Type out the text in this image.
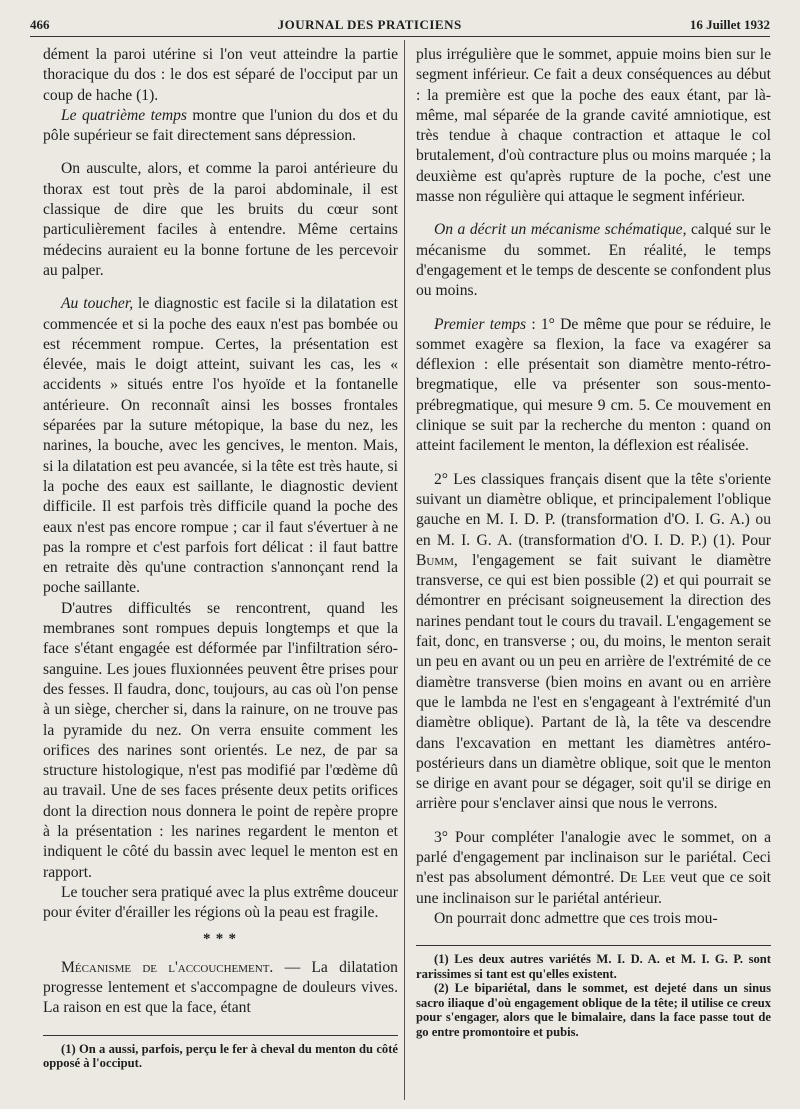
466	JOURNAL DES PRATICIENS	16 Juillet 1932

dément la paroi utérine si l'on veut atteindre la partie thoracique du dos : le dos est séparé de l'occiput par un coup de hache (1).

Le quatrième temps montre que l'union du dos et du pôle supérieur se fait directement sans dépression.

On ausculte, alors, et comme la paroi antérieure du thorax est tout près de la paroi abdominale, il est classique de dire que les bruits du cœur sont particulièrement faciles à entendre. Même certains médecins auraient eu la bonne fortune de les percevoir au palper.

Au toucher, le diagnostic est facile si la dilatation est commencée et si la poche des eaux n'est pas bombée ou est récemment rompue. Certes, la présentation est élevée, mais le doigt atteint, suivant les cas, les « accidents » situés entre l'os hyoïde et la fontanelle antérieure. On reconnaît ainsi les bosses frontales séparées par la suture métopique, la base du nez, les narines, la bouche, avec les gencives, le menton. Mais, si la dilatation est peu avancée, si la tête est très haute, si la poche des eaux est saillante, le diagnostic devient difficile. Il est parfois très difficile quand la poche des eaux n'est pas encore rompue ; car il faut s'évertuer à ne pas la rompre et c'est parfois fort délicat : il faut battre en retraite dès qu'une contraction s'annonçant rend la poche saillante.

D'autres difficultés se rencontrent, quand les membranes sont rompues depuis longtemps et que la face s'étant engagée est déformée par l'infiltration séro-sanguine. Les joues fluxionnées peuvent être prises pour des fesses. Il faudra, donc, toujours, au cas où l'on pense à un siège, chercher si, dans la rainure, on ne trouve pas la pyramide du nez. On verra ensuite comment les orifices des narines sont orientés. Le nez, de par sa structure histologique, n'est pas modifié par l'œdème dû au travail. Une de ses faces présente deux petits orifices dont la direction nous donnera le point de repère propre à la présentation : les narines regardent le menton et indiquent le côté du bassin avec lequel le menton est en rapport.

Le toucher sera pratiqué avec la plus extrême douceur pour éviter d'érailler les régions où la peau est fragile.

* * *

Mécanisme de l'accouchement. — La dilatation progresse lentement et s'accompagne de douleurs vives. La raison en est que la face, étant

(1) On a aussi, parfois, perçu le fer à cheval du menton du côté opposé à l'occiput.

plus irrégulière que le sommet, appuie moins bien sur le segment inférieur. Ce fait a deux conséquences au début : la première est que la poche des eaux étant, par là-même, mal séparée de la grande cavité amniotique, est très tendue à chaque contraction et attaque le col brutalement, d'où contracture plus ou moins marquée ; la deuxième est qu'après rupture de la poche, c'est une masse non régulière qui attaque le segment inférieur.

On a décrit un mécanisme schématique, calqué sur le mécanisme du sommet. En réalité, le temps d'engagement et le temps de descente se confondent plus ou moins.

Premier temps : 1° De même que pour se réduire, le sommet exagère sa flexion, la face va exagérer sa déflexion : elle présentait son diamètre mento-rétro-bregmatique, elle va présenter son sous-mento-prébregmatique, qui mesure 9 cm. 5. Ce mouvement en clinique se suit par la recherche du menton : quand on atteint facilement le menton, la déflexion est réalisée.

2° Les classiques français disent que la tête s'oriente suivant un diamètre oblique, et principalement l'oblique gauche en M. I. D. P. (transformation d'O. I. G. A.) ou en M. I. G. A. (transformation d'O. I. D. P.) (1). Pour Bumm, l'engagement se fait suivant le diamètre transverse, ce qui est bien possible (2) et qui pourrait se démontrer en précisant soigneusement la direction des narines pendant tout le cours du travail. L'engagement se fait, donc, en transverse ; ou, du moins, le menton serait un peu en avant ou un peu en arrière de l'extrémité de ce diamètre transverse (bien moins en avant ou en arrière que le lambda ne l'est en s'engageant à l'extrémité d'un diamètre oblique). Partant de là, la tête va descendre dans l'excavation en mettant les diamètres antéro-postérieurs dans un diamètre oblique, soit que le menton se dirige en avant pour se dégager, soit qu'il se dirige en arrière pour s'enclaver ainsi que nous le verrons.

3° Pour compléter l'analogie avec le sommet, on a parlé d'engagement par inclinaison sur le pariétal. Ceci n'est pas absolument démontré. De Lee veut que ce soit une inclinaison sur le pariétal antérieur.

On pourrait donc admettre que ces trois mou-

(1) Les deux autres variétés M. I. D. A. et M. I. G. P. sont rarissimes si tant est qu'elles existent.

(2) Le bipariétal, dans le sommet, est dejeté dans un sinus sacro iliaque d'où engagement oblique de la tête; il utilise ce creux pour s'engager, alors que le bimalaire, dans la face passe tout de go entre promontoire et pubis.
